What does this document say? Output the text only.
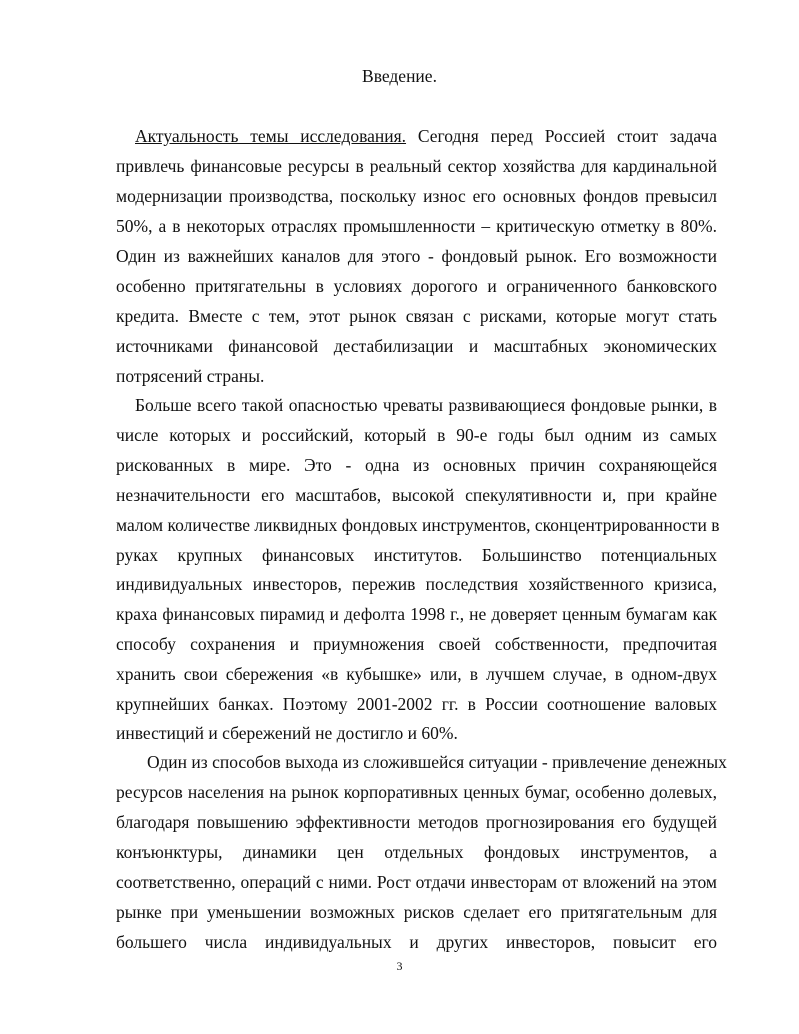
Введение.
Актуальность темы исследования. Сегодня перед Россией стоит задача
привлечь финансовые ресурсы в реальный сектор хозяйства для кардинальной
модернизации производства, поскольку износ его основных фондов превысил
50%, а в некоторых отраслях промышленности – критическую отметку в 80%.
Один из важнейших каналов для этого - фондовый рынок. Его возможности
особенно притягательны в условиях дорогого и ограниченного банковского
кредита. Вместе с тем, этот рынок связан с рисками, которые могут стать
источниками финансовой дестабилизации и масштабных экономических
потрясений страны.
Больше всего такой опасностью чреваты развивающиеся фондовые рынки, в
числе которых и российский, который в 90-е годы был одним из самых
рискованных в мире. Это - одна из основных причин сохраняющейся
незначительности его масштабов, высокой спекулятивности и, при крайне
малом количестве ликвидных фондовых инструментов, сконцентрированности в
руках крупных финансовых институтов. Большинство потенциальных
индивидуальных инвесторов, пережив последствия хозяйственного кризиса,
краха финансовых пирамид и дефолта 1998 г., не доверяет ценным бумагам как
способу сохранения и приумножения своей собственности, предпочитая
хранить свои сбережения «в кубышке» или, в лучшем случае, в одном-двух
крупнейших банках. Поэтому 2001-2002 гг. в России соотношение валовых
инвестиций и сбережений не достигло и 60%.
Один из способов выхода из сложившейся ситуации - привлечение денежных
ресурсов населения на рынок корпоративных ценных бумаг, особенно долевых,
благодаря повышению эффективности методов прогнозирования его будущей
конъюнктуры, динамики цен отдельных фондовых инструментов, а
соответственно, операций с ними. Рост отдачи инвесторам от вложений на этом
рынке при уменьшении возможных рисков сделает его притягательным для
большего числа индивидуальных и других инвесторов, повысит его
3
